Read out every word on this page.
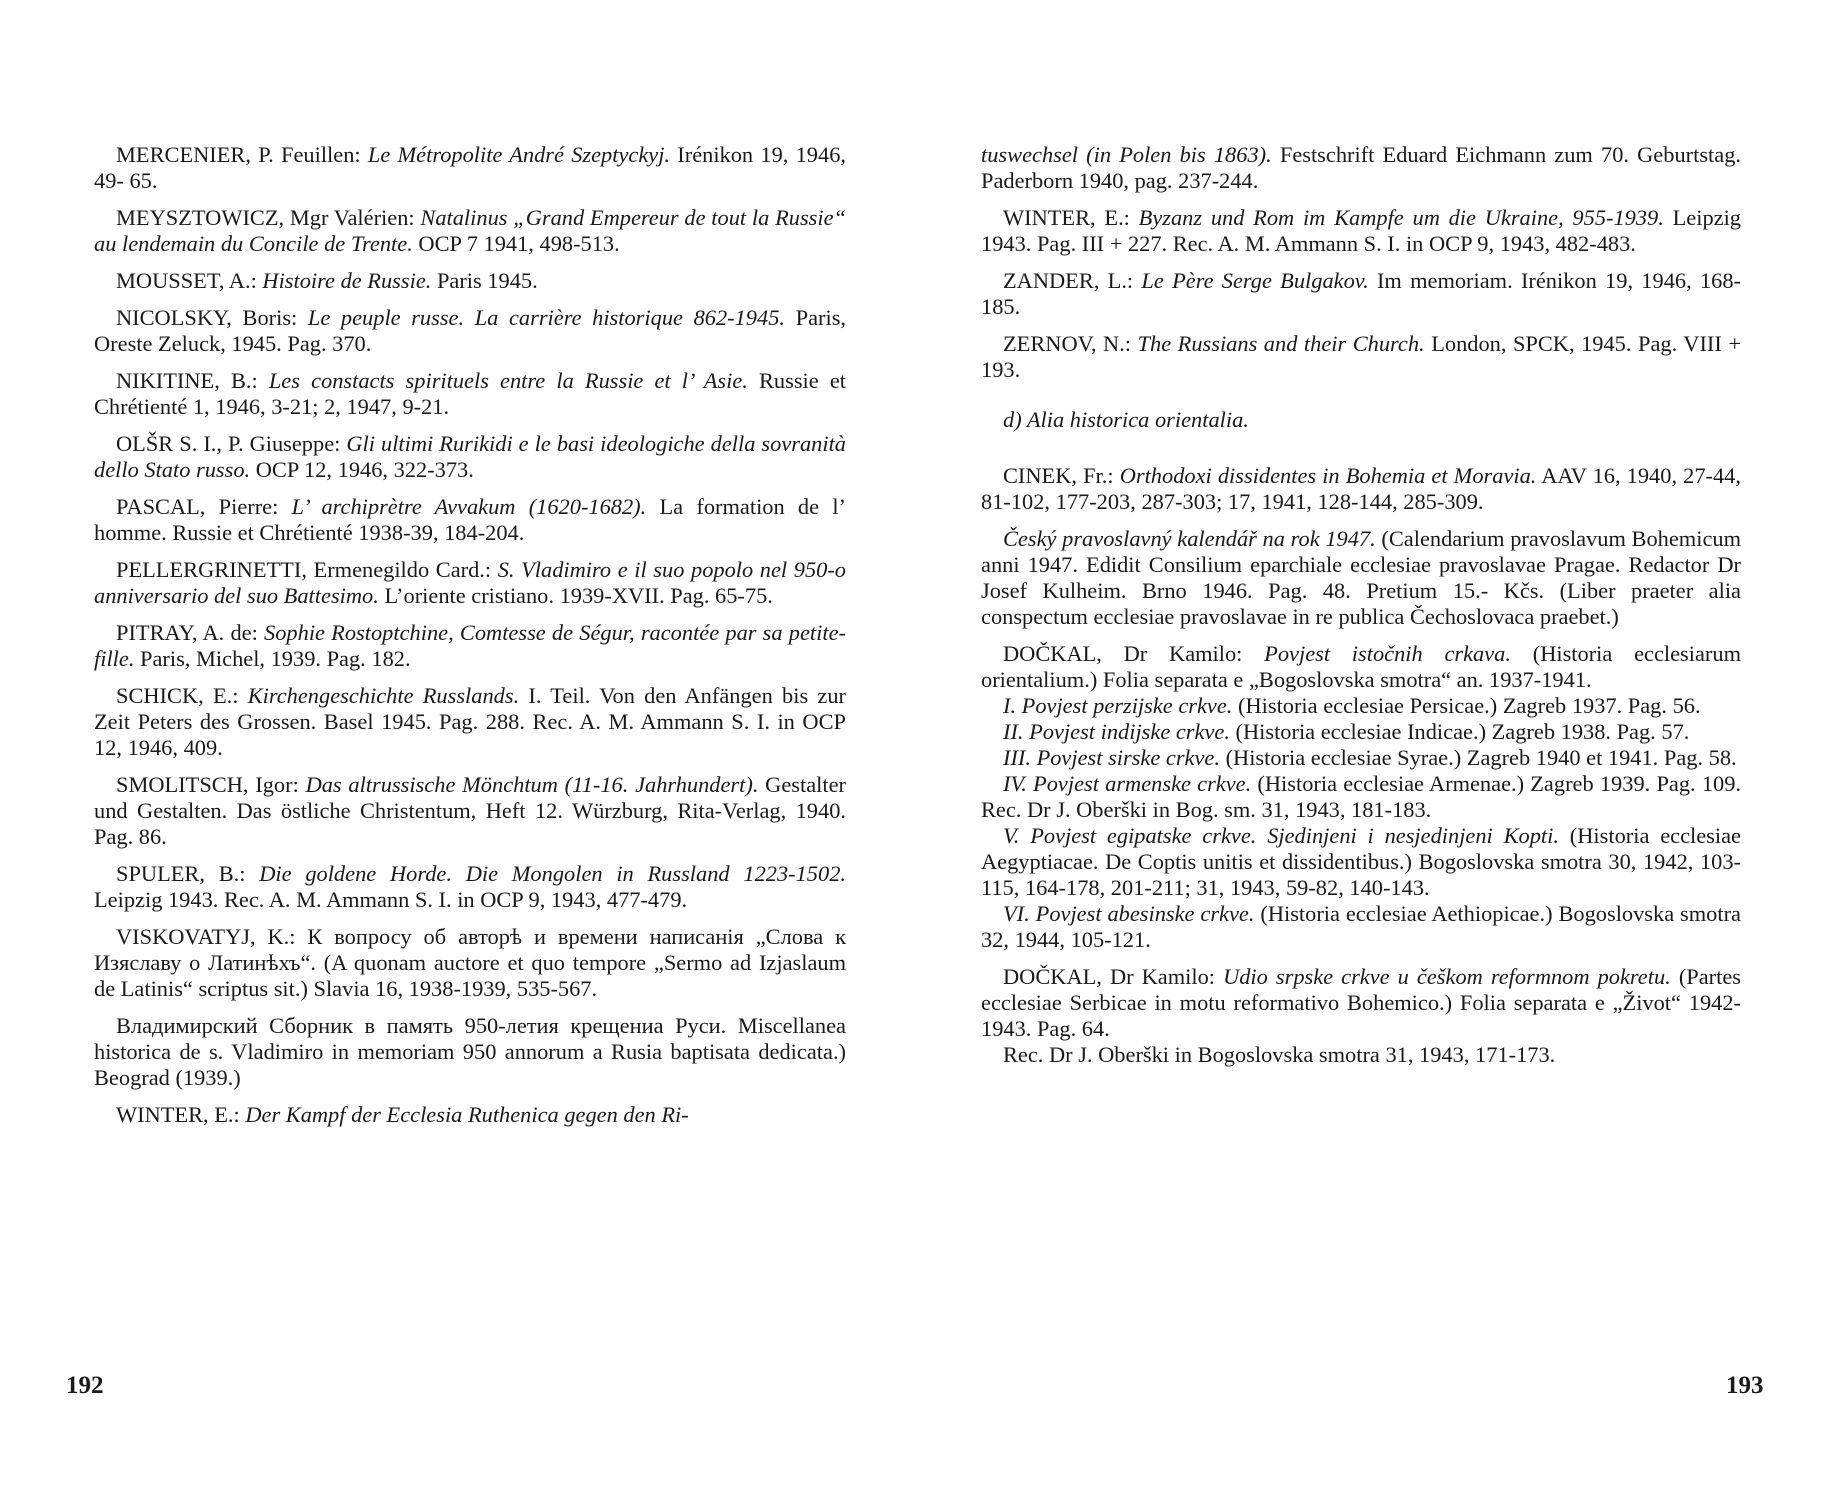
MERCENIER, P. Feuillen: Le Métropolite André Szeptyckyj. Irénikon 19, 1946, 49- 65.

MEYSZTOWICZ, Mgr Valérien: Natalinus „Grand Empereur de tout la Russie“ au lendemain du Concile de Trente. OCP 7 1941, 498-513.

MOUSSET, A.: Histoire de Russie. Paris 1945.

NICOLSKY, Boris: Le peuple russe. La carrière historique 862-1945. Paris, Oreste Zeluck, 1945. Pag. 370.

NIKITINE, B.: Les constacts spirituels entre la Russie et l’ Asie. Russie et Chrétienté 1, 1946, 3-21; 2, 1947, 9-21.

OLŠR S. I., P. Giuseppe: Gli ultimi Rurikidi e le basi ideologiche della sovranità dello Stato russo. OCP 12, 1946, 322-373.

PASCAL, Pierre: L’ archiprètre Avvakum (1620-1682). La formation de l’ homme. Russie et Chrétienté 1938-39, 184-204.

PELLERGRINETTI, Ermenegildo Card.: S. Vladimiro e il suo popolo nel 950-o anniversario del suo Battesimo. L’oriente cristiano. 1939-XVII. Pag. 65-75.

PITRAY, A. de: Sophie Rostoptchine, Comtesse de Ségur, racontée par sa petite-fille. Paris, Michel, 1939. Pag. 182.

SCHICK, E.: Kirchengeschichte Russlands. I. Teil. Von den Anfängen bis zur Zeit Peters des Grossen. Basel 1945. Pag. 288. Rec. A. M. Ammann S. I. in OCP 12, 1946, 409.

SMOLITSCH, Igor: Das altrussische Mönchtum (11-16. Jahrhundert). Gestalter und Gestalten. Das östliche Christentum, Heft 12. Würzburg, Rita-Verlag, 1940. Pag. 86.

SPULER, B.: Die goldene Horde. Die Mongolen in Russland 1223-1502. Leipzig 1943. Rec. A. M. Ammann S. I. in OCP 9, 1943, 477-479.

VISKOVATYJ, K.: К вопросу об авторѣ и времени написанія „Слова к Изяславу о Латинѣхъ“. (A quonam auctore et quo tempore „Sermo ad Izjaslaum de Latinis“ scriptus sit.) Slavia 16, 1938-1939, 535-567.

Владимирский Сборник в память 950-летия крещениа Руси. Miscellanea historica de s. Vladimiro in memoriam 950 annorum a Rusia baptisata dedicata.) Beograd (1939.)

WINTER, E.: Der Kampf der Ecclesia Ruthenica gegen den Ri-

192

tuswechsel (in Polen bis 1863). Festschrift Eduard Eichmann zum 70. Geburtstag. Paderborn 1940, pag. 237-244.

WINTER, E.: Byzanz und Rom im Kampfe um die Ukraine, 955-1939. Leipzig 1943. Pag. III + 227. Rec. A. M. Ammann S. I. in OCP 9, 1943, 482-483.

ZANDER, L.: Le Père Serge Bulgakov. Im memoriam. Irénikon 19, 1946, 168-185.

ZERNOV, N.: The Russians and their Church. London, SPCK, 1945. Pag. VIII + 193.

d) Alia historica orientalia.

CINEK, Fr.: Orthodoxi dissidentes in Bohemia et Moravia. AAV 16, 1940, 27-44, 81-102, 177-203, 287-303; 17, 1941, 128-144, 285-309.

Český pravoslavný kalendář na rok 1947. (Calendarium pravoslavum Bohemicum anni 1947. Edidit Consilium eparchiale ecclesiae pravoslavae Pragae. Redactor Dr Josef Kulheim. Brno 1946. Pag. 48. Pretium 15.- Kčs. (Liber praeter alia conspectum ecclesiae pravoslavae in re publica Čechoslovaca praebet.)

DOČKAL, Dr Kamilo: Povjest istočnih crkava. (Historia ecclesiarum orientalium.) Folia separata e „Bogoslovska smotra“ an. 1937-1941.

I. Povjest perzijske crkve. (Historia ecclesiae Persicae.) Zagreb 1937. Pag. 56.

II. Povjest indijske crkve. (Historia ecclesiae Indicae.) Zagreb 1938. Pag. 57.

III. Povjest sirske crkve. (Historia ecclesiae Syrae.) Zagreb 1940 et 1941. Pag. 58.

IV. Povjest armenske crkve. (Historia ecclesiae Armenae.) Zagreb 1939. Pag. 109. Rec. Dr J. Oberški in Bog. sm. 31, 1943, 181-183.

V. Povjest egipatske crkve. Sjedinjeni i nesjedinjeni Kopti. (Historia ecclesiae Aegyptiacae. De Coptis unitis et dissidentibus.) Bogoslovska smotra 30, 1942, 103-115, 164-178, 201-211; 31, 1943, 59-82, 140-143.

VI. Povjest abesinske crkve. (Historia ecclesiae Aethiopicae.) Bogoslovska smotra 32, 1944, 105-121.

DOČKAL, Dr Kamilo: Udio srpske crkve u češkom reformnom pokretu. (Partes ecclesiae Serbicae in motu reformativo Bohemico.) Folia separata e „Život“ 1942-1943. Pag. 64.

Rec. Dr J. Oberški in Bogoslovska smotra 31, 1943, 171-173.

193
